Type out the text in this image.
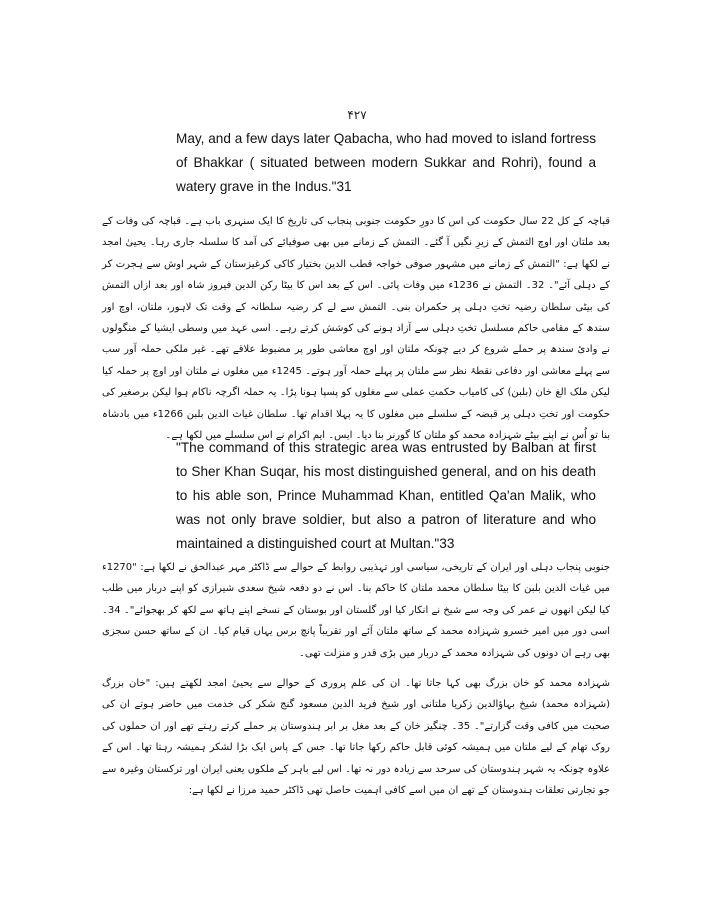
۴۲۷

May, and a few days later Qabacha, who had moved to island fortress of Bhakkar ( situated between modern Sukkar and Rohri), found a watery grave in the Indus."31

قباچہ کے کل 22 سال حکومت کی اس کا دورِ حکومت جنوبی پنجاب کی تاریخ کا ایک سنہری باب ہے۔ قباچہ کی وفات کے بعد ملتان اور اوچ التمش کے زیرِ نگیں آ گئے۔ التمش کے زمانے میں بھی صوفیائے کی آمد کا سلسلہ جاری رہا۔ یحییٰ امجد نے لکھا ہے: "التمش کے زمانے میں مشہور صوفی خواجہ قطب الدین بختیار کاکی کرغیزستان کے شہر اوش سے ہجرت کر کے دہلی آئے"۔ 32۔ التمش نے 1236ء میں وفات پائی۔ اس کے بعد اس کا بیٹا رکن الدین فیروز شاہ اور بعد ازاں التمش کی بیٹی سلطان رضیہ تختِ دہلی پر حکمران بنی۔ التمش سے لے کر رضیہ سلطانہ کے وقت تک لاہور، ملتان، اوچ اور سندھ کے مقامی حاکم مسلسل تختِ دہلی سے آزاد ہونے کی کوشش کرتے رہے۔ اسی عہد میں وسطی ایشیا کے منگولوں نے وادیٔ سندھ پر حملے شروع کر دیے چونکہ ملتان اور اوچ معاشی طور پر مضبوط علاقے تھے۔ غیر ملکی حملہ آور سب سے پہلے معاشی اور دفاعی نقطۂ نظر سے ملتان پر پہلے حملہ آور ہوتے۔ 1245ء میں مغلوں نے ملتان اور اوچ پر حملہ کیا لیکن ملک الغ خان (بلبن) کی کامیاب حکمتِ عملی سے مغلوں کو پسپا ہونا پڑا۔ یہ حملہ اگرچہ ناکام ہوا لیکن برصغیر کی حکومت اور تختِ دہلی پر قبضہ کے سلسلے میں مغلوں کا یہ پہلا اقدام تھا۔ سلطان غیاث الدین بلبن 1266ء میں بادشاہ بنا تو اُس نے اپنے بیٹے شہزادہ محمد کو ملتان کا گورنر بنا دیا۔ ایس۔ ایم اکرام نے اس سلسلے میں لکھا ہے۔

"The command of this strategic area was entrusted by Balban at first to Sher Khan Suqar, his most distinguished general, and on his death to his able son, Prince Muhammad Khan, entitled Qa'an Malik, who was not only brave soldier, but also a patron of literature and who maintained a distinguished court at Multan."33

جنوبی پنجاب دہلی اور ایران کے تاریخی، سیاسی اور تہذیبی روابط کے حوالے سے ڈاکٹر مہر عبدالحق نے لکھا ہے: "1270ء میں غیاث الدین بلبن کا بیٹا سلطان محمد ملتان کا حاکم بنا۔ اس نے دو دفعہ شیخ سعدی شیرازی کو اپنے دربار میں طلب کیا لیکن انھوں نے عمر کی وجہ سے شیخ نے انکار کیا اور گلستان اور بوستان کے نسخے اپنے ہاتھ سے لکھ کر بھجوائے"۔ 34۔ اسی دور میں امیر خسرو شہزادہ محمد کے ساتھ ملتان آئے اور تقریباً پانچ برس یہاں قیام کیا۔ ان کے ساتھ حسن سجزی بھی رہے ان دونوں کی شہزادہ محمد کے دربار میں بڑی قدر و منزلت تھی۔

شہزادہ محمد کو خان بزرگ بھی کہا جاتا تھا۔ ان کی علم پروری کے حوالے سے یحییٰ امجد لکھتے ہیں: "خان بزرگ (شہزادہ محمد) شیخ بہاؤالدین زکریا ملتانی اور شیخ فرید الدین مسعود گنج شکر کی خدمت میں حاضر ہوتے ان کی صحبت میں کافی وقت گزارتے"۔ 35۔ چنگیز خان کے بعد مغل بر ابر ہندوستان پر حملے کرتے رہتے تھے اور ان حملوں کی روک تھام کے لیے ملتان میں ہمیشہ کوئی قابل حاکم رکھا جاتا تھا۔ جس کے پاس ایک بڑا لشکر ہمیشہ رہتا تھا۔ اس کے علاوہ چونکہ یہ شہر ہندوستان کی سرحد سے زیادہ دور نہ تھا۔ اس لیے باہر کے ملکوں یعنی ایران اور ترکستان وغیرہ سے جو تجارتی تعلقات ہندوستان کے تھے ان میں اسے کافی اہمیت حاصل تھی ڈاکٹر حمید مرزا نے لکھا ہے:
